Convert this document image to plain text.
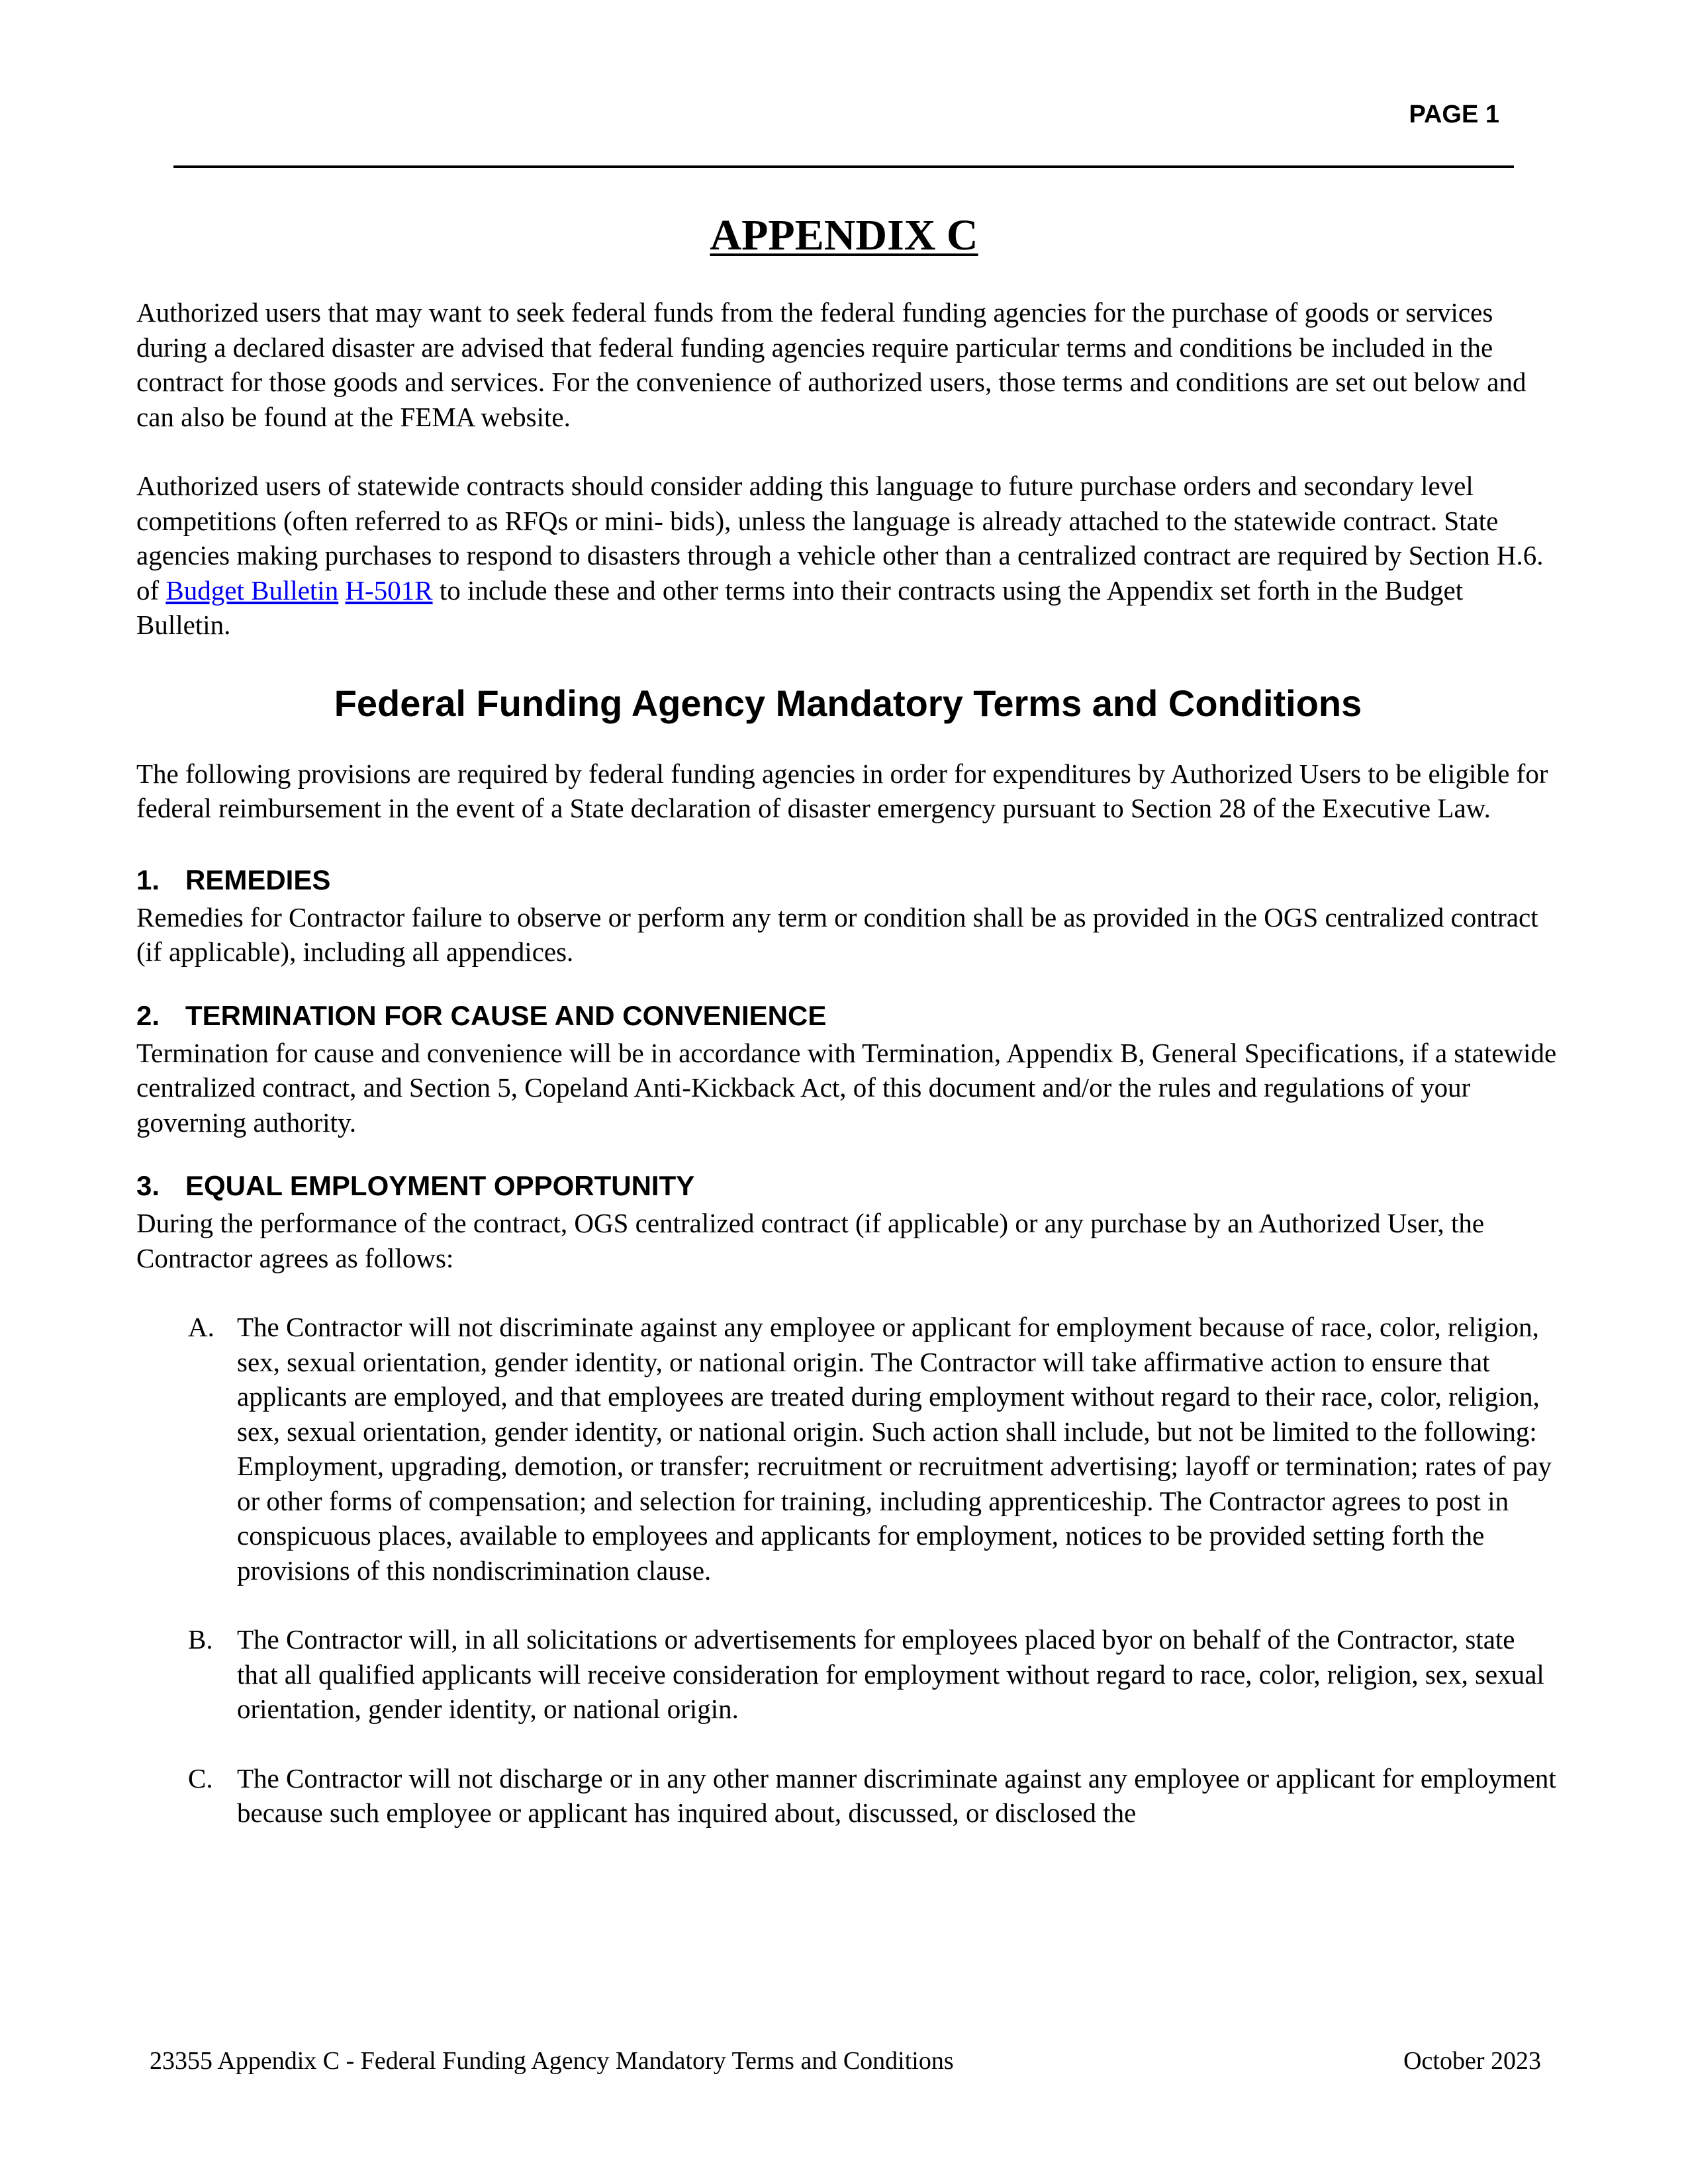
PAGE 1
APPENDIX C

Authorized users that may want to seek federal funds from the federal funding agencies for the purchase of goods or services during a declared disaster are advised that federal funding agencies require particular terms and conditions be included in the contract for those goods and services. For the convenience of authorized users, those terms and conditions are set out below and can also be found at the FEMA website.

Authorized users of statewide contracts should consider adding this language to future purchase orders and secondary level competitions (often referred to as RFQs or mini- bids), unless the language is already attached to the statewide contract. State agencies making purchases to respond to disasters through a vehicle other than a centralized contract are required by Section H.6. of Budget Bulletin H-501R to include these and other terms into their contracts using the Appendix set forth in the Budget Bulletin.

Federal Funding Agency Mandatory Terms and Conditions

The following provisions are required by federal funding agencies in order for expenditures by Authorized Users to be eligible for federal reimbursement in the event of a State declaration of disaster emergency pursuant to Section 28 of the Executive Law.

1. REMEDIES

Remedies for Contractor failure to observe or perform any term or condition shall be as provided in the OGS centralized contract (if applicable), including all appendices.

2. TERMINATION FOR CAUSE AND CONVENIENCE

Termination for cause and convenience will be in accordance with Termination, Appendix B, General Specifications, if a statewide centralized contract, and Section 5, Copeland Anti-Kickback Act, of this document and/or the rules and regulations of your governing authority.

3. EQUAL EMPLOYMENT OPPORTUNITY

During the performance of the contract, OGS centralized contract (if applicable) or any purchase by an Authorized User, the Contractor agrees as follows:

A. The Contractor will not discriminate against any employee or applicant for employment because of race, color, religion, sex, sexual orientation, gender identity, or national origin. The Contractor will take affirmative action to ensure that applicants are employed, and that employees are treated during employment without regard to their race, color, religion, sex, sexual orientation, gender identity, or national origin. Such action shall include, but not be limited to the following:

Employment, upgrading, demotion, or transfer; recruitment or recruitment advertising; layoff or termination; rates of pay or other forms of compensation; and selection for training, including apprenticeship. The Contractor agrees to post in conspicuous places, available to employees and applicants for employment, notices to be provided setting forth the provisions of this nondiscrimination clause.

B. The Contractor will, in all solicitations or advertisements for employees placed byor on behalf of the Contractor, state that all qualified applicants will receive consideration for employment without regard to race, color, religion, sex, sexual orientation, gender identity, or national origin.

C. The Contractor will not discharge or in any other manner discriminate against any employee or applicant for employment because such employee or applicant has inquired about, discussed, or disclosed the

23355 Appendix C - Federal Funding Agency Mandatory Terms and Conditions	October 2023
